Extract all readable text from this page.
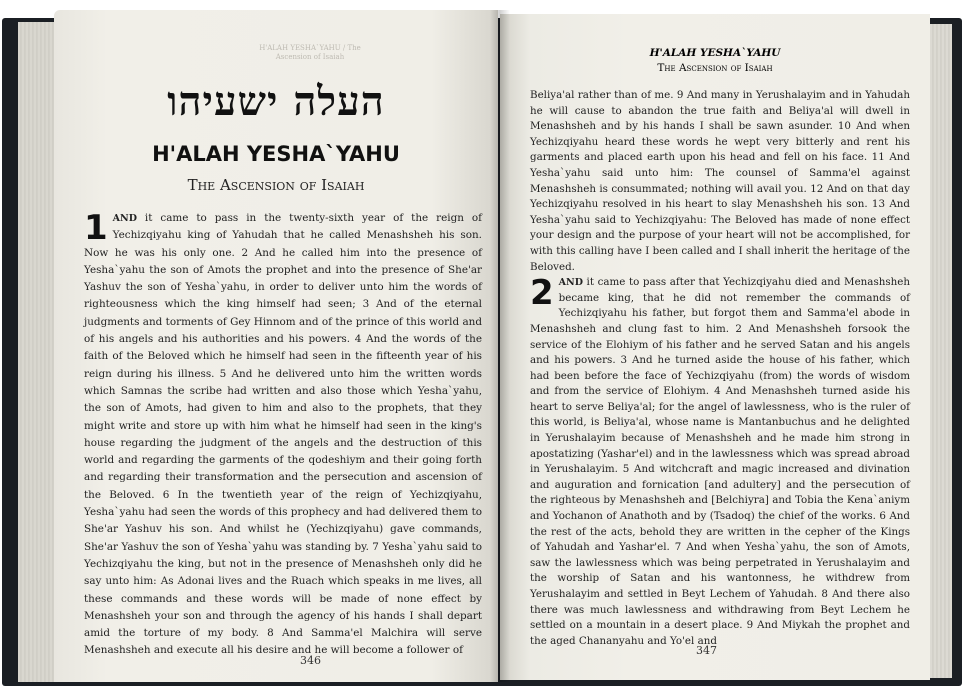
H'ALAH YESHA`YAHU / The Ascension of Isaiah
העלה ישעיהו
H'ALAH YESHA`YAHU
The Ascension of Isaiah

1 AND it came to pass in the twenty-sixth year of the reign of Yechizqiyahu king of Yahudah that he called Menashsheh his son. Now he was his only one. 2 And he called him into the presence of Yesha`yahu the son of Amots the prophet and into the presence of She'ar Yashuv the son of Yesha`yahu, in order to deliver unto him the words of righteousness which the king himself had seen; 3 And of the eternal judgments and torments of Gey Hinnom and of the prince of this world and of his angels and his authorities and his powers. 4 And the words of the faith of the Beloved which he himself had seen in the fifteenth year of his reign during his illness. 5 And he delivered unto him the written words which Samnas the scribe had written and also those which Yesha`yahu, the son of Amots, had given to him and also to the prophets, that they might write and store up with him what he himself had seen in the king's house regarding the judgment of the angels and the destruction of this world and regarding the garments of the qodeshiym and their going forth and regarding their transformation and the persecution and ascension of the Beloved. 6 In the twentieth year of the reign of Yechizqiyahu, Yesha`yahu had seen the words of this prophecy and had delivered them to She'ar Yashuv his son. And whilst he (Yechizqiyahu) gave commands, She'ar Yashuv the son of Yesha`yahu was standing by. 7 Yesha`yahu said to Yechizqiyahu the king, but not in the presence of Menashsheh only did he say unto him: As Adonai lives and the Ruach which speaks in me lives, all these commands and these words will be made of none effect by Menashsheh your son and through the agency of his hands I shall depart amid the torture of my body. 8 And Samma'el Malchira will serve Menashsheh and execute all his desire and he will become a follower of

346
H'ALAH YESHA`YAHU
The Ascension of Isaiah

Beliya'al rather than of me. 9 And many in Yerushalayim and in Yahudah he will cause to abandon the true faith and Beliya'al will dwell in Menashsheh and by his hands I shall be sawn asunder. 10 And when Yechizqiyahu heard these words he wept very bitterly and rent his garments and placed earth upon his head and fell on his face. 11 And Yesha`yahu said unto him: The counsel of Samma'el against Menashsheh is consummated; nothing will avail you. 12 And on that day Yechizqiyahu resolved in his heart to slay Menashsheh his son. 13 And Yesha`yahu said to Yechizqiyahu: The Beloved has made of none effect your design and the purpose of your heart will not be accomplished, for with this calling have I been called and I shall inherit the heritage of the Beloved.

2 AND it came to pass after that Yechizqiyahu died and Menashsheh became king, that he did not remember the commands of Yechizqiyahu his father, but forgot them and Samma'el abode in Menashsheh and clung fast to him. 2 And Menashsheh forsook the service of the Elohiym of his father and he served Satan and his angels and his powers. 3 And he turned aside the house of his father, which had been before the face of Yechizqiyahu (from) the words of wisdom and from the service of Elohiym. 4 And Menashsheh turned aside his heart to serve Beliya'al; for the angel of lawlessness, who is the ruler of this world, is Beliya'al, whose name is Mantanbuchus and he delighted in Yerushalayim because of Menashsheh and he made him strong in apostatizing (Yashar'el) and in the lawlessness which was spread abroad in Yerushalayim. 5 And witchcraft and magic increased and divination and auguration and fornication [and adultery] and the persecution of the righteous by Menashsheh and [Belchiyra] and Tobia the Kena`aniym and Yochanon of Anathoth and by (Tsadoq) the chief of the works. 6 And the rest of the acts, behold they are written in the cepher of the Kings of Yahudah and Yashar'el. 7 And when Yesha`yahu, the son of Amots, saw the lawlessness which was being perpetrated in Yerushalayim and the worship of Satan and his wantonness, he withdrew from Yerushalayim and settled in Beyt Lechem of Yahudah. 8 And there also there was much lawlessness and withdrawing from Beyt Lechem he settled on a mountain in a desert place. 9 And Miykah the prophet and the aged Chananyahu and Yo'el and

347
